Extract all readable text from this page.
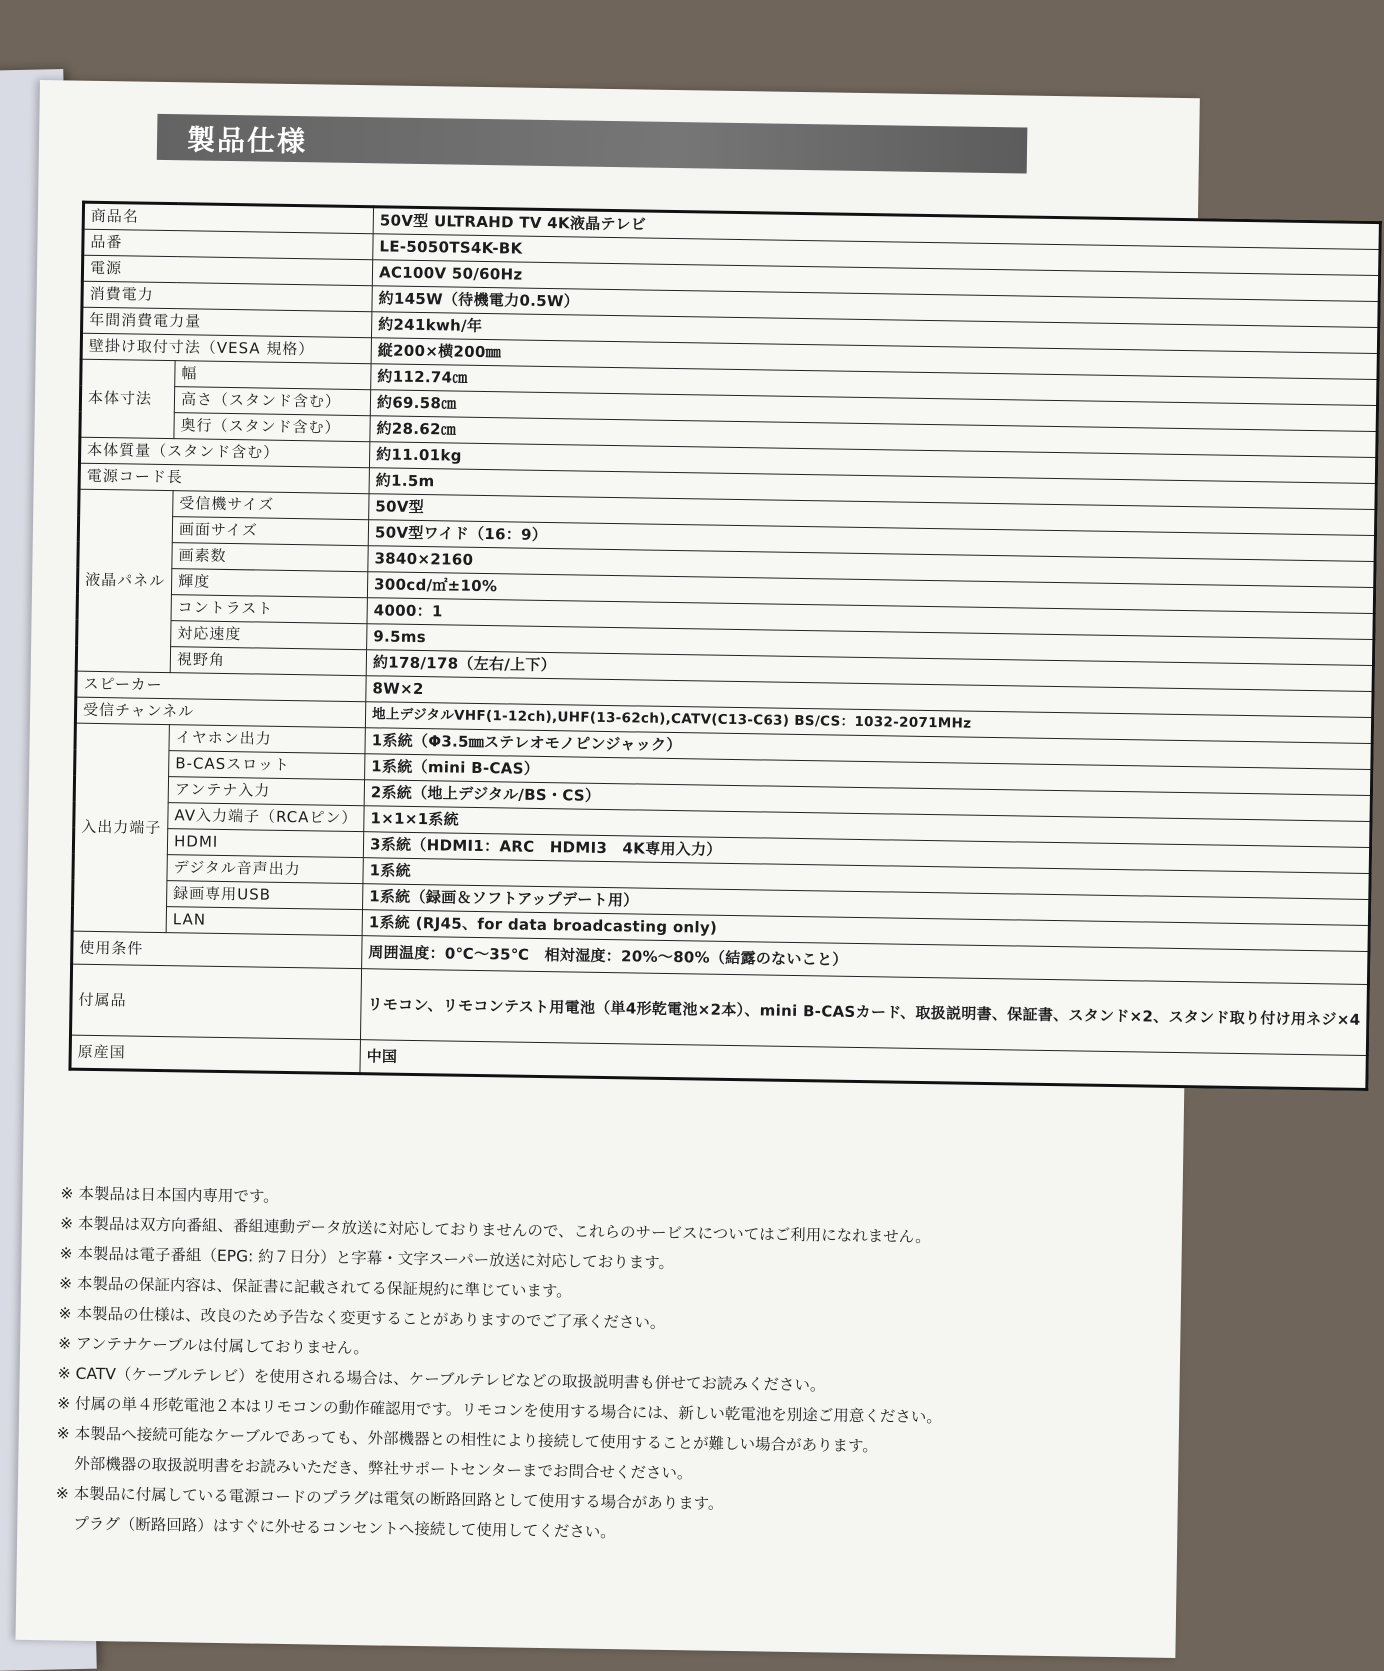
製品仕様
商品名		50V型 ULTRAHD TV 4K液晶テレビ
品番		LE-5050TS4K-BK
電源		AC100V 50/60Hz
消費電力		約145W（待機電力0.5W）
年間消費電力量		約241kwh/年
壁掛け取付寸法（VESA 規格）		縦200×横200㎜
本体寸法	幅	約112.74㎝
	高さ（スタンド含む）	約69.58㎝
	奥行（スタンド含む）	約28.62㎝
本体質量（スタンド含む）		約11.01kg
電源コード長		約1.5m
液晶パネル	受信機サイズ	50V型
	画面サイズ	50V型ワイド（16：9）
	画素数	3840×2160
	輝度	300cd/㎡±10%
	コントラスト	4000：1
	対応速度	9.5ms
	視野角	約178/178（左右/上下）
スピーカー		8W×2
受信チャンネル		地上デジタルVHF(1-12ch),UHF(13-62ch),CATV(C13-C63) BS/CS：1032-2071MHz
入出力端子	イヤホン出力	1系統（Φ3.5㎜ステレオモノピンジャック）
	B-CASスロット	1系統（mini B-CAS）
	アンテナ入力	2系統（地上デジタル/BS・CS）
	AV入力端子（RCAピン）	1×1×1系統
	HDMI	3系統（HDMI1：ARC　HDMI3　4K専用入力）
	デジタル音声出力	1系統
	録画専用USB	1系統（録画＆ソフトアップデート用）
	LAN	1系統 (RJ45、for data broadcasting only)
使用条件		周囲温度：0℃～35℃　相対湿度：20%～80%（結露のないこと）
付属品		リモコン、リモコンテスト用電池（単4形乾電池×2本）、mini B-CASカード、取扱説明書、保証書、スタンド×2、スタンド取り付け用ネジ×4
原産国		中国
※ 本製品は日本国内専用です。
※ 本製品は双方向番組、番組連動データ放送に対応しておりませんので、これらのサービスについてはご利用になれません。
※ 本製品は電子番組（EPG: 約７日分）と字幕・文字スーパー放送に対応しております。
※ 本製品の保証内容は、保証書に記載されてる保証規約に準じています。
※ 本製品の仕様は、改良のため予告なく変更することがありますのでご了承ください。
※ アンテナケーブルは付属しておりません。
※ CATV（ケーブルテレビ）を使用される場合は、ケーブルテレビなどの取扱説明書も併せてお読みください。
※ 付属の単４形乾電池２本はリモコンの動作確認用です。リモコンを使用する場合には、新しい乾電池を別途ご用意ください。
※ 本製品へ接続可能なケーブルであっても、外部機器との相性により接続して使用することが難しい場合があります。
外部機器の取扱説明書をお読みいただき、弊社サポートセンターまでお問合せください。
※ 本製品に付属している電源コードのプラグは電気の断路回路として使用する場合があります。
プラグ（断路回路）はすぐに外せるコンセントへ接続して使用してください。
